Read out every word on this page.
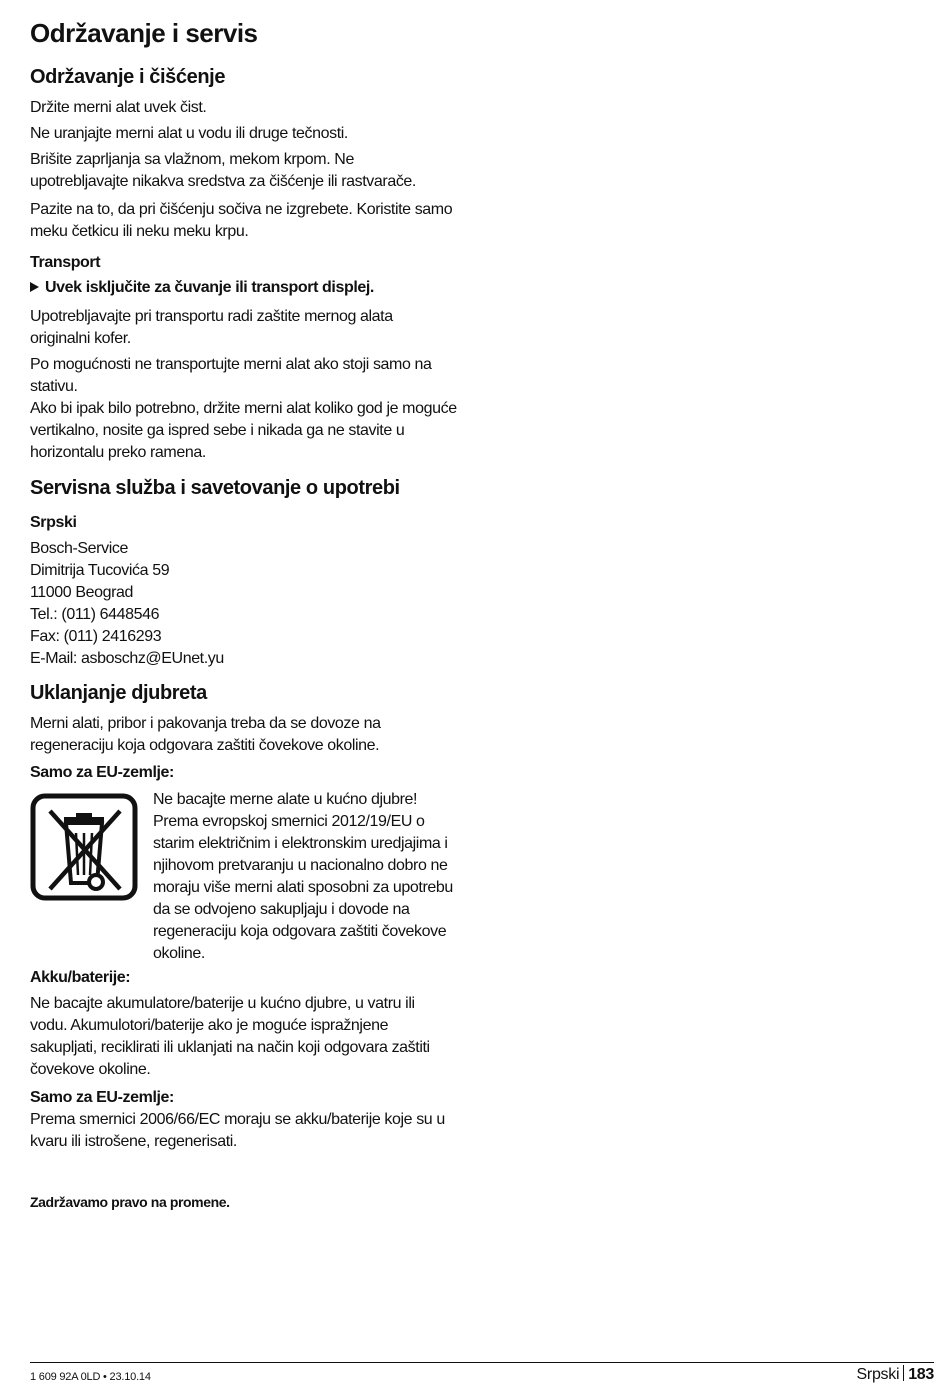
Održavanje i servis
Održavanje i čišćenje

Držite merni alat uvek čist.

Ne uranjajte merni alat u vodu ili druge tečnosti.

Brišite zaprljanja sa vlažnom, mekom krpom. Ne
upotrebljavajte nikakva sredstva za čišćenje ili rastvarače.
Pazite na to, da pri čišćenju sočiva ne izgrebete. Koristite samo
meku četkicu ili neku meku krpu.
Transport
Uvek isključite za čuvanje ili transport displej.
Upotrebljavajte pri transportu radi zaštite mernog alata
originalni kofer.
Po mogućnosti ne transportujte merni alat ako stoji samo na
stativu.
Ako bi ipak bilo potrebno, držite merni alat koliko god je moguće
vertikalno, nosite ga ispred sebe i nikada ga ne stavite u
horizontalu preko ramena.
Servisna služba i savetovanje o upotrebi
Srpski
Bosch-Service
Dimitrija Tucovića 59
11000 Beograd
Tel.: (011) 6448546
Fax: (011) 2416293
E-Mail: asboschz@EUnet.yu
Uklanjanje djubreta
Merni alati, pribor i pakovanja treba da se dovoze na
regeneraciju koja odgovara zaštiti čovekove okoline.
Samo za EU-zemlje:
Ne bacajte merne alate u kućno djubre!
Prema evropskoj smernici 2012/19/EU o
starim električnim i elektronskim uredjajima i
njihovom pretvaranju u nacionalno dobro ne
moraju više merni alati sposobni za upotrebu
da se odvojeno sakupljaju i dovode na
regeneraciju koja odgovara zaštiti čovekove
okoline.
Akku/baterije:
Ne bacajte akumulatore/baterije u kućno djubre, u vatru ili
vodu. Akumulotori/baterije ako je moguće ispražnjene
sakupljati, reciklirati ili uklanjati na način koji odgovara zaštiti
čovekove okoline.
Samo za EU-zemlje:
Prema smernici 2006/66/EC moraju se akku/baterije koje su u
kvaru ili istrošene, regenerisati.
Zadržavamo pravo na promene.
1 609 92A 0LD • 23.10.14	Srpski 183
